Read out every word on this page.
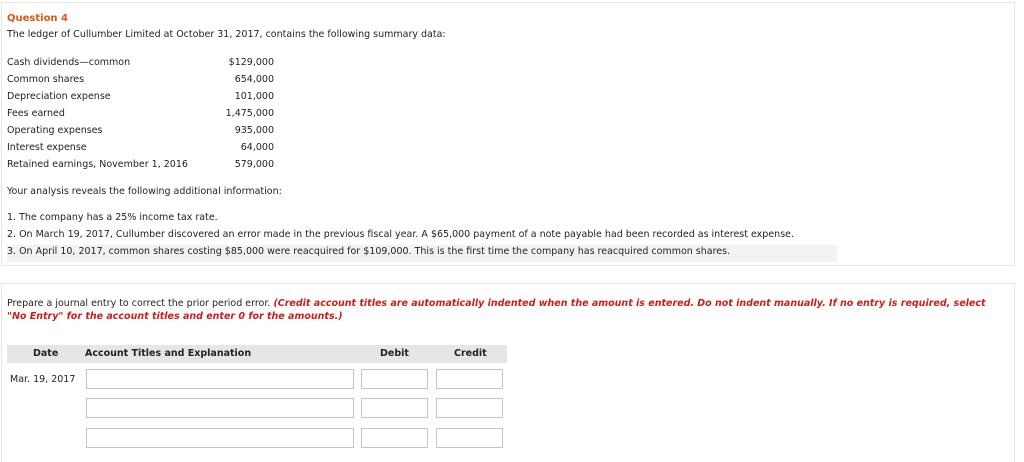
Question 4
The ledger of Cullumber Limited at October 31, 2017, contains the following summary data:
Cash dividends—common	$129,000
Common shares	654,000
Depreciation expense	101,000
Fees earned	1,475,000
Operating expenses	935,000
Interest expense	64,000
Retained earnings, November 1, 2016	579,000
Your analysis reveals the following additional information:
1. The company has a 25% income tax rate.
2. On March 19, 2017, Cullumber discovered an error made in the previous fiscal year. A $65,000 payment of a note payable had been recorded as interest expense.
3. On April 10, 2017, common shares costing $85,000 were reacquired for $109,000. This is the first time the company has reacquired common shares.
Prepare a journal entry to correct the prior period error. (Credit account titles are automatically indented when the amount is entered. Do not indent manually. If no entry is required, select "No Entry" for the account titles and enter 0 for the amounts.)
Date	Account Titles and Explanation	Debit	Credit
Mar. 19, 2017
